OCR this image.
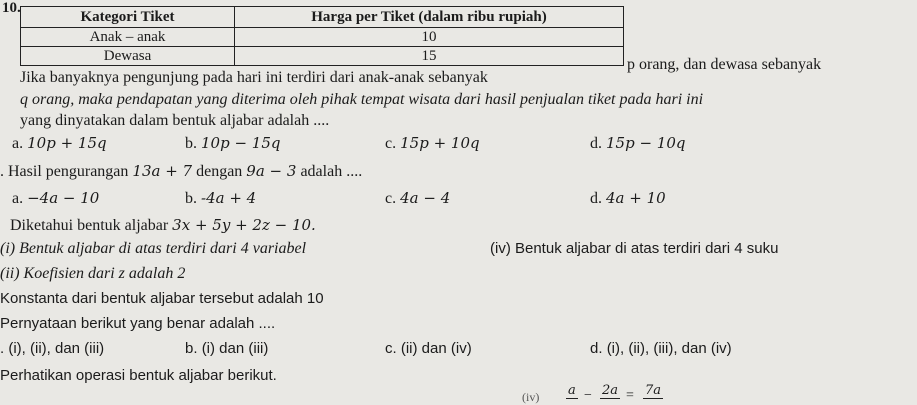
10.
Kategori Tiket	Harga per Tiket (dalam ribu rupiah)
Anak – anak	10
Dewasa	15
Jika banyaknya pengunjung pada hari ini terdiri dari anak-anak sebanyak
p orang, dan dewasa sebanyak
q orang, maka pendapatan yang diterima oleh pihak tempat wisata dari hasil penjualan tiket pada hari ini
yang dinyatakan dalam bentuk aljabar adalah ....
a. 10p + 15q	b. 10p − 15q	c. 15p + 10q	d. 15p − 10q
. Hasil pengurangan 13a + 7 dengan 9a − 3 adalah ....
a. −4a − 10	b. -4a + 4	c. 4a − 4	d. 4a + 10
Diketahui bentuk aljabar 3x + 5y + 2z − 10.
(i) Bentuk aljabar di atas terdiri dari 4 variabel	(iv) Bentuk aljabar di atas terdiri dari 4 suku
(ii) Koefisien dari z adalah 2
Konstanta dari bentuk aljabar tersebut adalah 10
Pernyataan berikut yang benar adalah ....
. (i), (ii), dan (iii)	b. (i) dan (iii)	c. (ii) dan (iv)	d. (i), (ii), (iii), dan (iv)
Perhatikan operasi bentuk aljabar berikut.
(iv) a − 2a = 7a
